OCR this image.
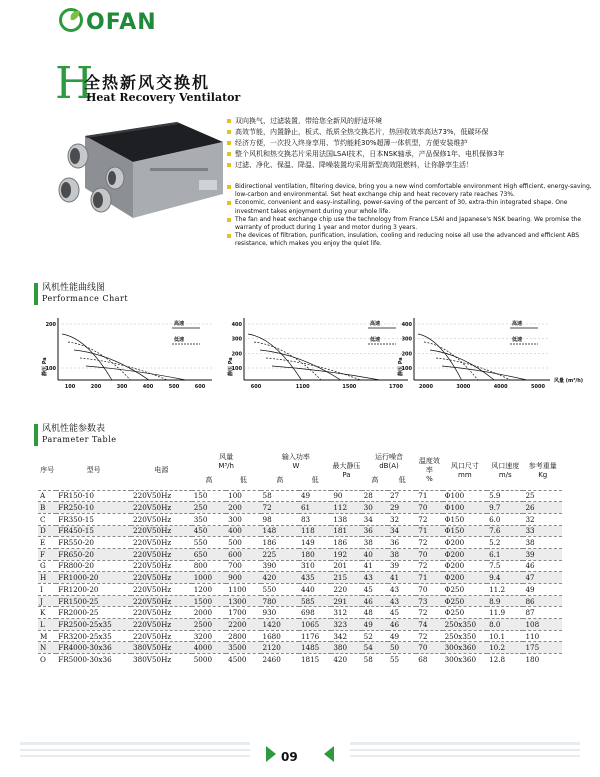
OFAN
H
全热新风交换机
Heat Recovery Ventilator
双向换气、过滤装置，带给您全新风的舒适环境
高效节能，内置静止，板式、纸质全热交换芯片，热回收效率高达73%，低碳环保
经济方便，一次投入终身享用、节约能耗30%超薄一体机型，方便安装维护
整个风机和热交换芯片采用法国LSAI技术，日本NSK轴承，产品保修1年、电机保修3年
过滤、净化、保温、降温、降噪装置均采用新型高效阻燃料，让你静享生活！
Bidirectional ventilation, filtering device, bring you a new wind comfortable environment High efficient, energy-saving, low-carbon and environmental. Set heat exchange chip and heat recovery rate reaches 73%.
Economic, convenient and easy-installing, power-saving of the percent of 30, extra-thin integrated shape. One investment takes enjoyment during your whole life.
The fan and heat exchange chip use the technology from France LSAI and Japanese's NSK bearing. We promise the warranty of product during 1 year and motor during 3 years.
The devices of filtration, purification, insulation, cooling and reducing noise all use the advanced and efficient ABS resistance, which makes you enjoy the quiet life.
风机性能曲线图
Performance Chart
200
100
100	200	300	400	500	600
静压 Pa
高速
低速
400
300
200
100
600	1100	1500	1700
静压 Pa
高速
低速
400
300
200
100
2000	3000	4000	5000
静压 Pa
风量 (m³/h)
高速
低速
风机性能参数表
Parameter Table
序号	型号	电源	风量
M³/h		输入功率
W		最大静压
Pa	运行噪音
dB(A)		温度效率
%	风口尺寸
mm	风口速度
m/s	参考重量
Kg
			高	低	高	低		高	低				
A	FR150-10	220V50Hz	150	100	58	49	90	28	27	71	Φ100	5.9	25
B	FR250-10	220V50Hz	250	200	72	61	112	30	29	70	Φ100	9.7	26
C	FR350-15	220V50Hz	350	300	98	83	138	34	32	72	Φ150	6.0	32
D	FR450-15	220V50Hz	450	400	148	118	181	36	34	71	Φ150	7.6	33
E	FR550-20	220V50Hz	550	500	186	149	186	38	36	72	Φ200	5.2	38
F	FR650-20	220V50Hz	650	600	225	180	192	40	38	70	Φ200	6.1	39
G	FR800-20	220V50Hz	800	700	390	310	201	41	39	72	Φ200	7.5	46
H	FR1000-20	220V50Hz	1000	900	420	435	215	43	41	71	Φ200	9.4	47
I	FR1200-20	220V50Hz	1200	1100	550	440	220	45	43	70	Φ250	11.2	49
J	FR1500-25	220V50Hz	1500	1300	780	585	291	46	43	73	Φ250	8.9	86
K	FR2000-25	220V50Hz	2000	1700	930	698	312	48	45	72	Φ250	11.9	87
L	FR2500-25x35	220V50Hz	2500	2200	1420	1065	323	49	46	74	250x350	8.0	108
M	FR3200-25x35	220V50Hz	3200	2800	1680	1176	342	52	49	72	250x350	10.1	110
N	FR4000-30x36	380V50Hz	4000	3500	2120	1485	380	54	50	70	300x360	10.2	175
O	FR5000-30x36	380V50Hz	5000	4500	2460	1815	420	58	55	68	300x360	12.8	180
09
